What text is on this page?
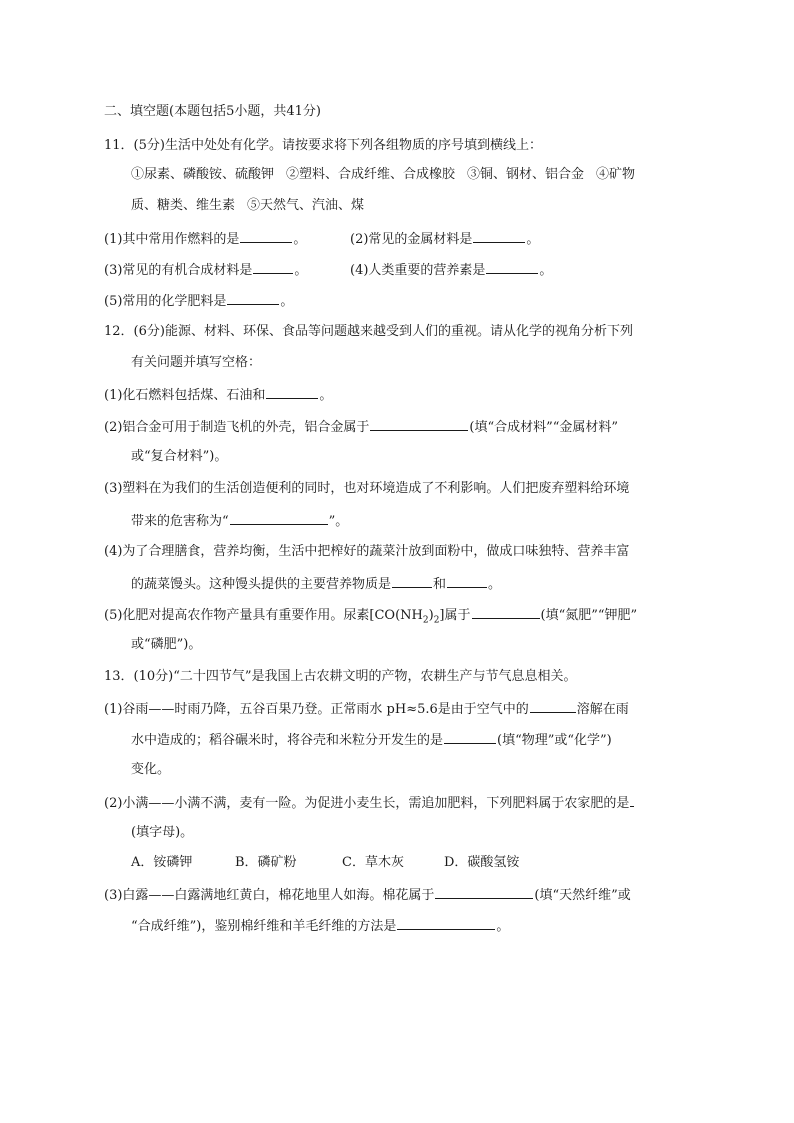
二、填空题(本题包括5小题，共41分)
11．(5分)生活中处处有化学。请按要求将下列各组物质的序号填到横线上：
①尿素、磷酸铵、硫酸钾 ②塑料、合成纤维、合成橡胶 ③铜、钢材、铝合金 ④矿物
质、糖类、维生素 ⑤天然气、汽油、煤
(1)其中常用作燃料的是	。	(2)常见的金属材料是	。
(3)常见的有机合成材料是	。	(4)人类重要的营养素是	。
(5)常用的化学肥料是	。
12．(6分)能源、材料、环保、食品等问题越来越受到人们的重视。请从化学的视角分析下列
有关问题并填写空格：
(1)化石燃料包括煤、石油和	。
(2)铝合金可用于制造飞机的外壳，铝合金属于	(填“合成材料”“金属材料”
或“复合材料”)。
(3)塑料在为我们的生活创造便利的同时，也对环境造成了不利影响。人们把废弃塑料给环境
带来的危害称为“	”。
(4)为了合理膳食，营养均衡，生活中把榨好的蔬菜汁放到面粉中，做成口味独特、营养丰富
的蔬菜馒头。这种馒头提供的主要营养物质是	和	。
(5)化肥对提高农作物产量具有重要作用。尿素$[CO(NH_2)_2]$属于	(填“氮肥”“钾肥”
或“磷肥”)。
13．(10分)“二十四节气”是我国上古农耕文明的产物，农耕生产与节气息息相关。
(1)谷雨——时雨乃降，五谷百果乃登。正常雨水 pH≈5.6是由于空气中的	溶解在雨
水中造成的；稻谷碾米时，将谷壳和米粒分开发生的是	(填“物理”或“化学”)
变化。
(2)小满——小满不满，麦有一险。为促进小麦生长，需追加肥料，下列肥料属于农家肥的是
(填字母)。
A．铵磷钾	B．磷矿粉	C．草木灰	D．碳酸氢铵
(3)白露——白露满地红黄白，棉花地里人如海。棉花属于	(填“天然纤维”或
“合成纤维”)，鉴别棉纤维和羊毛纤维的方法是	。
